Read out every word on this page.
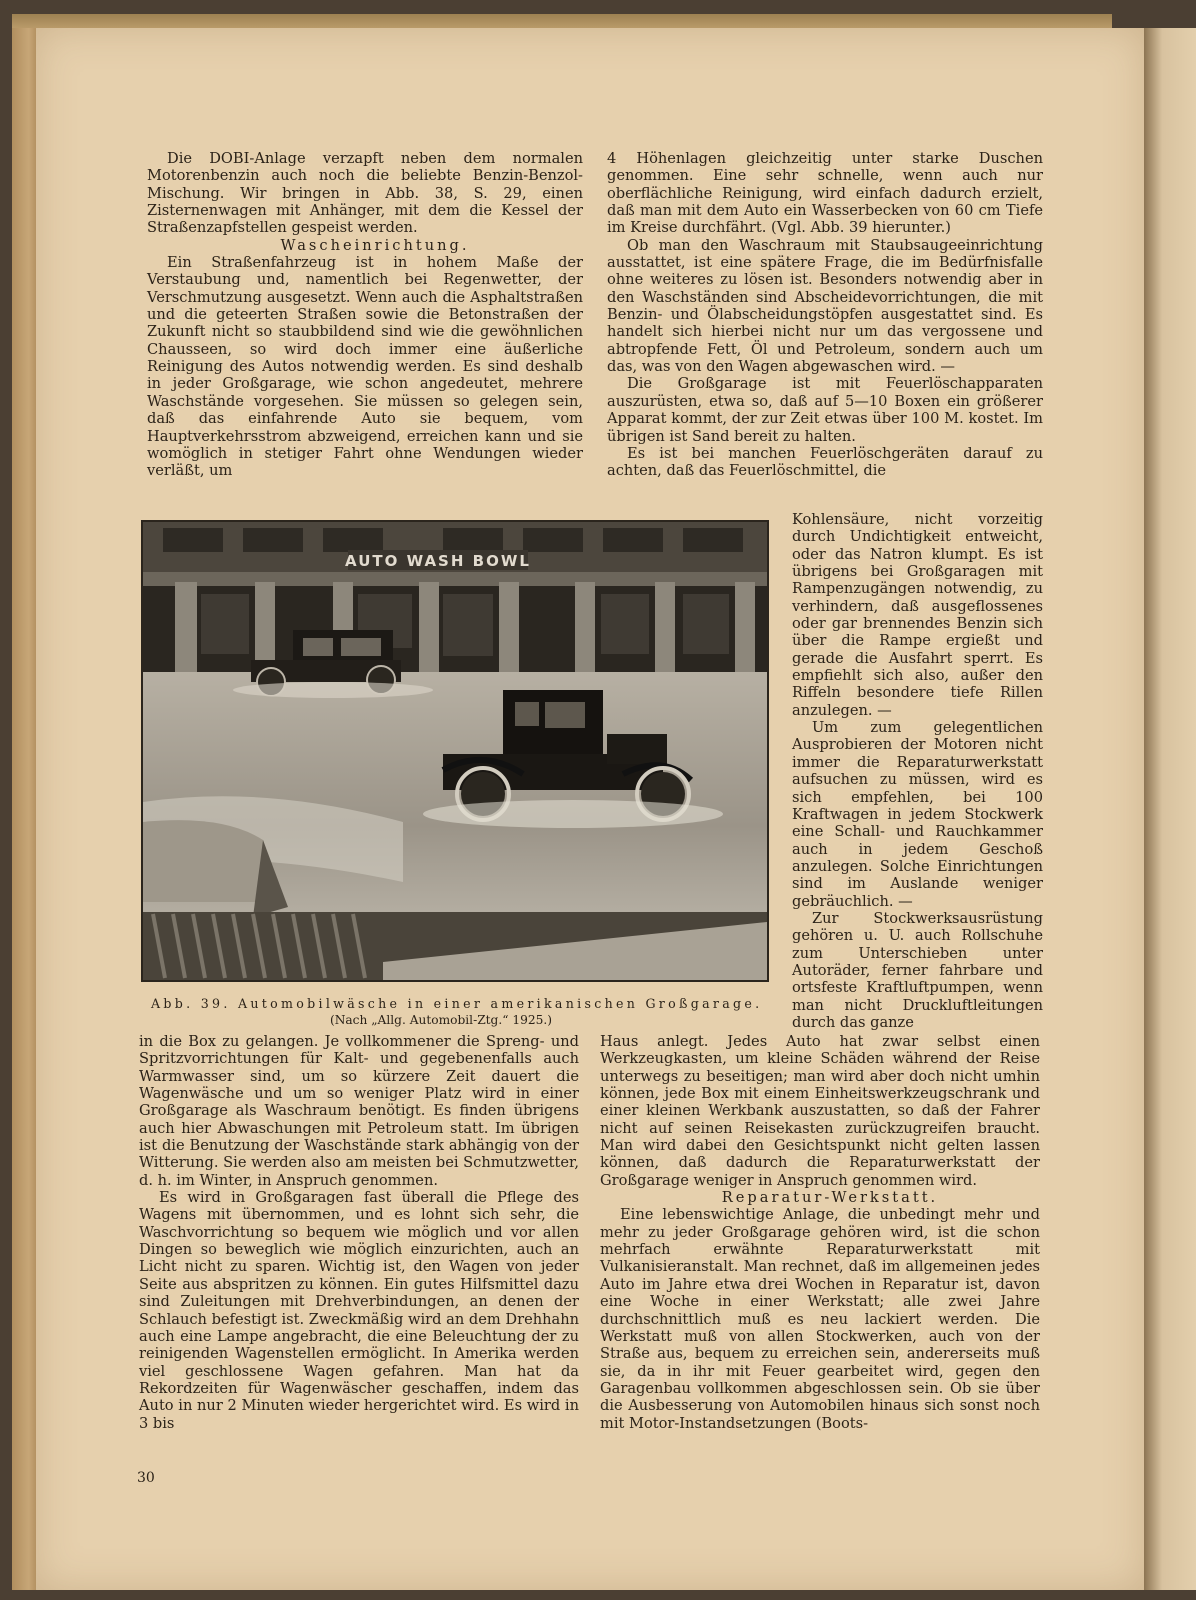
Die DOBI-Anlage verzapft neben dem normalen Motorenbenzin auch noch die beliebte Benzin-Benzol-Mischung. Wir bringen in Abb. 38, S. 29, einen Zisternenwagen mit Anhänger, mit dem die Kessel der Straßenzapfstellen gespeist werden.

Wascheinrichtung.

Ein Straßenfahrzeug ist in hohem Maße der Verstaubung und, namentlich bei Regenwetter, der Verschmutzung ausgesetzt. Wenn auch die Asphaltstraßen und die geteerten Straßen sowie die Betonstraßen der Zukunft nicht so staubbildend sind wie die gewöhnlichen Chausseen, so wird doch immer eine äußerliche Reinigung des Autos notwendig werden. Es sind deshalb in jeder Großgarage, wie schon angedeutet, mehrere Waschstände vorgesehen. Sie müssen so gelegen sein, daß das einfahrende Auto sie bequem, vom Hauptverkehrsstrom abzweigend, erreichen kann und sie womöglich in stetiger Fahrt ohne Wendungen wieder verläßt, um

4 Höhenlagen gleichzeitig unter starke Duschen genommen. Eine sehr schnelle, wenn auch nur oberflächliche Reinigung, wird einfach dadurch erzielt, daß man mit dem Auto ein Wasserbecken von 60 cm Tiefe im Kreise durchfährt. (Vgl. Abb. 39 hierunter.)

Ob man den Waschraum mit Staubsaugeeinrichtung ausstattet, ist eine spätere Frage, die im Bedürfnisfalle ohne weiteres zu lösen ist. Besonders notwendig aber in den Waschständen sind Abscheidevorrichtungen, die mit Benzin- und Ölabscheidungstöpfen ausgestattet sind. Es handelt sich hierbei nicht nur um das vergossene und abtropfende Fett, Öl und Petroleum, sondern auch um das, was von den Wagen abgewaschen wird. —

Die Großgarage ist mit Feuerlöschapparaten auszurüsten, etwa so, daß auf 5—10 Boxen ein größerer Apparat kommt, der zur Zeit etwas über 100 M. kostet. Im übrigen ist Sand bereit zu halten.

Es ist bei manchen Feuerlöschgeräten darauf zu achten, daß das Feuerlöschmittel, die

AUTO WASH BOWL
Abb. 39. Automobilwäsche in einer amerikanischen Großgarage.
(Nach „Allg. Automobil-Ztg.“ 1925.)

Kohlensäure, nicht vorzeitig durch Undichtigkeit entweicht, oder das Natron klumpt. Es ist übrigens bei Großgaragen mit Rampenzugängen notwendig, zu verhindern, daß ausgeflossenes oder gar brennendes Benzin sich über die Rampe ergießt und gerade die Ausfahrt sperrt. Es empfiehlt sich also, außer den Riffeln besondere tiefe Rillen anzulegen. —

Um zum gelegentlichen Ausprobieren der Motoren nicht immer die Reparaturwerkstatt aufsuchen zu müssen, wird es sich empfehlen, bei 100 Kraftwagen in jedem Stockwerk eine Schall- und Rauchkammer auch in jedem Geschoß anzulegen. Solche Einrichtungen sind im Auslande weniger gebräuchlich. —

Zur Stockwerksausrüstung gehören u. U. auch Rollschuhe zum Unterschieben unter Autoräder, ferner fahrbare und ortsfeste Kraftluftpumpen, wenn man nicht Druckluftleitungen durch das ganze

in die Box zu gelangen. Je vollkommener die Spreng- und Spritzvorrichtungen für Kalt- und gegebenenfalls auch Warmwasser sind, um so kürzere Zeit dauert die Wagenwäsche und um so weniger Platz wird in einer Großgarage als Waschraum benötigt. Es finden übrigens auch hier Abwaschungen mit Petroleum statt. Im übrigen ist die Benutzung der Waschstände stark abhängig von der Witterung. Sie werden also am meisten bei Schmutzwetter, d. h. im Winter, in Anspruch genommen.

Es wird in Großgaragen fast überall die Pflege des Wagens mit übernommen, und es lohnt sich sehr, die Waschvorrichtung so bequem wie möglich und vor allen Dingen so beweglich wie möglich einzurichten, auch an Licht nicht zu sparen. Wichtig ist, den Wagen von jeder Seite aus abspritzen zu können. Ein gutes Hilfsmittel dazu sind Zuleitungen mit Drehverbindungen, an denen der Schlauch befestigt ist. Zweckmäßig wird an dem Drehhahn auch eine Lampe angebracht, die eine Beleuchtung der zu reinigenden Wagenstellen ermöglicht. In Amerika werden viel geschlossene Wagen gefahren. Man hat da Rekordzeiten für Wagenwäscher geschaffen, indem das Auto in nur 2 Minuten wieder hergerichtet wird. Es wird in 3 bis

Haus anlegt. Jedes Auto hat zwar selbst einen Werkzeugkasten, um kleine Schäden während der Reise unterwegs zu beseitigen; man wird aber doch nicht umhin können, jede Box mit einem Einheitswerkzeugschrank und einer kleinen Werkbank auszustatten, so daß der Fahrer nicht auf seinen Reisekasten zurückzugreifen braucht. Man wird dabei den Gesichtspunkt nicht gelten lassen können, daß dadurch die Reparaturwerkstatt der Großgarage weniger in Anspruch genommen wird.

Reparatur-Werkstatt.

Eine lebenswichtige Anlage, die unbedingt mehr und mehr zu jeder Großgarage gehören wird, ist die schon mehrfach erwähnte Reparaturwerkstatt mit Vulkanisieranstalt. Man rechnet, daß im allgemeinen jedes Auto im Jahre etwa drei Wochen in Reparatur ist, davon eine Woche in einer Werkstatt; alle zwei Jahre durchschnittlich muß es neu lackiert werden. Die Werkstatt muß von allen Stockwerken, auch von der Straße aus, bequem zu erreichen sein, andererseits muß sie, da in ihr mit Feuer gearbeitet wird, gegen den Garagenbau vollkommen abgeschlossen sein. Ob sie über die Ausbesserung von Automobilen hinaus sich sonst noch mit Motor-Instandsetzungen (Boots-

30
